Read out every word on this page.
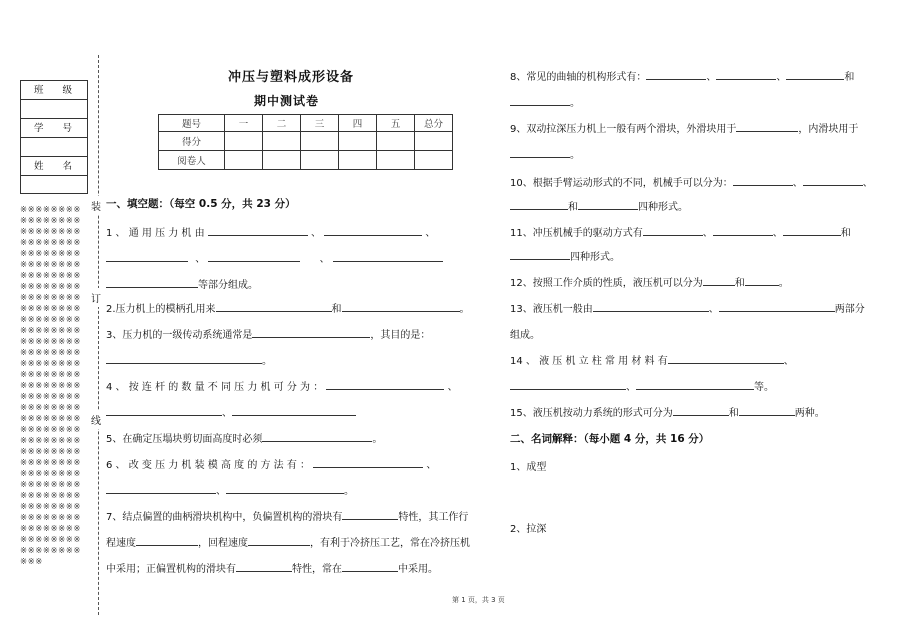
班 级
学 号
姓 名
※※※※※※※※※※※※※※※※※※※※※※※※※※※※※※※※※※※※※※※※※※※※※※※※※※※※※※※※※※※※※※※※※※※※※※※※※※※※※※※※※※※※※※※※※※※※※※※※※※※※※※※※※※※※※※※※※※※※※※※※※※※※※※※※※※※※※※※※※※※※※※※※※※※※※※※※※※※※※※※※※※※※※※※※※※※※※※※※※※※※※※※※※※※※※※※※※※※※※※※※※※※※※※※※※※※※※※※※※※※※※※※※※※※※※※※※※※※※※※※※※※※※※※※※※※※※※※※※※※※
装
订
线
冲压与塑料成形设备
期中测试卷
题号	一	二	三	四	五	总分
得分						
阅卷人						
一、填空题：（每空 0.5 分，共 23 分）
1 、 通 用 压 力 机 由	、	、
、	、
等部分组成。
2.压力机上的模柄孔用来	和	。
3、压力机的一级传动系统通常是	，其目的是：
。
4 、 按 连 杆 的 数 量 不 同 压 力 机 可 分 为 ：	、
、
5、在确定压塌块剪切面高度时必须	。
6 、 改 变 压 力 机 装 模 高 度 的 方 法 有 ：	、
、	。
7、结点偏置的曲柄滑块机构中，负偏置机构的滑块有	特性，其工作行
程速度	，回程速度	，有利于冷挤压工艺，常在冷挤压机
中采用；正偏置机构的滑块有	特性，常在	中采用。
8、常见的曲轴的机构形式有：	、	、	和
。
9、双动拉深压力机上一般有两个滑块，外滑块用于	，内滑块用于
。
10、根据手臂运动形式的不同，机械手可以分为：	、	、
和	四种形式。
11、冲压机械手的驱动方式有	、	、	和
四种形式。
12、按照工作介质的性质，液压机可以分为	和	。
13、液压机一般由	、	两部分
组成。
14 、 液 压 机 立 柱 常 用 材 料 有	、
、	等。
15、液压机按动力系统的形式可分为	和	两种。
二、名词解释：（每小题 4 分，共 16 分）
1、成型
2、拉深
第 1 页，共 3 页
